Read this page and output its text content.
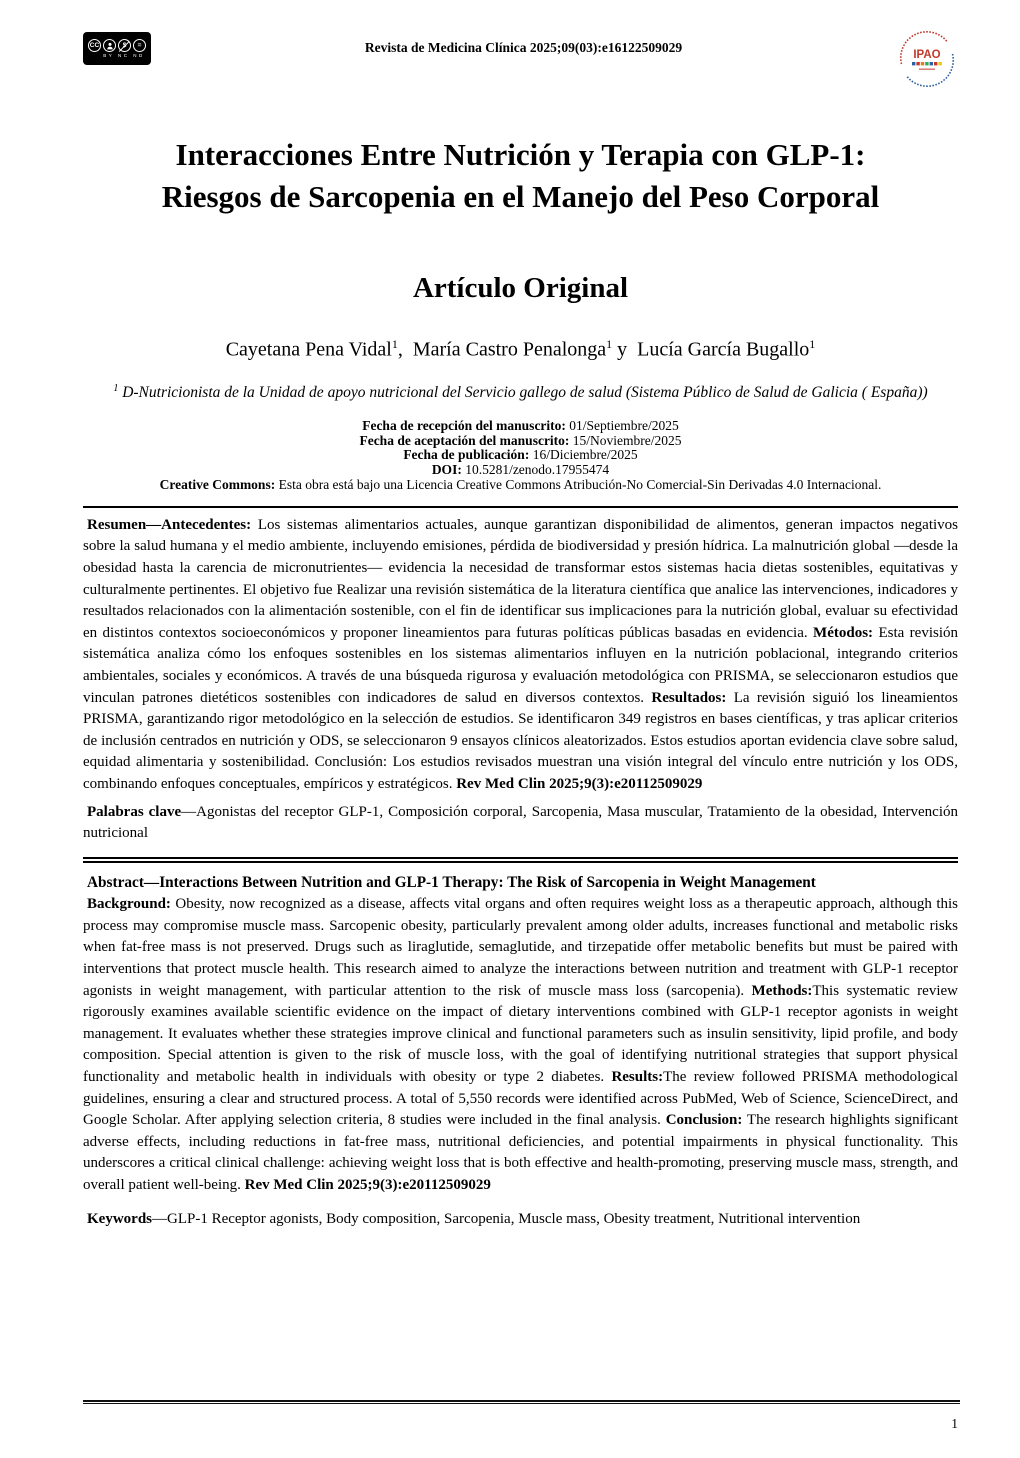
CC	=
BY NC ND
Revista de Medicina Clínica 2025;09(03):e16122509029	IPAO
Interacciones Entre Nutrición y Terapia con GLP-1:
Riesgos de Sarcopenia en el Manejo del Peso Corporal
Artículo Original
Cayetana Pena Vidal$^1$,  María Castro Penalonga$^1$ y  Lucía García Bugallo$^1$
$^1$ D-Nutricionista de la Unidad de apoyo nutricional del Servicio gallego de salud (Sistema Público de Salud de Galicia ( España))
Fecha de recepción del manuscrito: 01/Septiembre/2025
Fecha de aceptación del manuscrito: 15/Noviembre/2025
Fecha de publicación: 16/Diciembre/2025
DOI: 10.5281/zenodo.17955474
Creative Commons: Esta obra está bajo una Licencia Creative Commons Atribución-No Comercial-Sin Derivadas 4.0 Internacional.

Resumen—Antecedentes: Los sistemas alimentarios actuales, aunque garantizan disponibilidad de alimentos, generan impactos negativos sobre la salud humana y el medio ambiente, incluyendo emisiones, pérdida de biodiversidad y presión hídrica. La malnutrición global —desde la obesidad hasta la carencia de micronutrientes— evidencia la necesidad de transformar estos sistemas hacia dietas sostenibles, equitativas y culturalmente pertinentes. El objetivo fue Realizar una revisión sistemática de la literatura científica que analice las intervenciones, indicadores y resultados relacionados con la alimentación sostenible, con el fin de identificar sus implicaciones para la nutrición global, evaluar su efectividad en distintos contextos socioeconómicos y proponer lineamientos para futuras políticas públicas basadas en evidencia. Métodos: Esta revisión sistemática analiza cómo los enfoques sostenibles en los sistemas alimentarios influyen en la nutrición poblacional, integrando criterios ambientales, sociales y económicos. A través de una búsqueda rigurosa y evaluación metodológica con PRISMA, se seleccionaron estudios que vinculan patrones dietéticos sostenibles con indicadores de salud en diversos contextos. Resultados: La revisión siguió los lineamientos PRISMA, garantizando rigor metodológico en la selección de estudios. Se identificaron 349 registros en bases científicas, y tras aplicar criterios de inclusión centrados en nutrición y ODS, se seleccionaron 9 ensayos clínicos aleatorizados. Estos estudios aportan evidencia clave sobre salud, equidad alimentaria y sostenibilidad. Conclusión: Los estudios revisados muestran una visión integral del vínculo entre nutrición y los ODS, combinando enfoques conceptuales, empíricos y estratégicos. Rev Med Clin 2025;9(3):e20112509029

Palabras clave—Agonistas del receptor GLP-1, Composición corporal, Sarcopenia, Masa muscular, Tratamiento de la obesidad, Intervención nutricional

Abstract—Interactions Between Nutrition and GLP-1 Therapy: The Risk of Sarcopenia in Weight Management

Background: Obesity, now recognized as a disease, affects vital organs and often requires weight loss as a therapeutic approach, although this process may compromise muscle mass. Sarcopenic obesity, particularly prevalent among older adults, increases functional and metabolic risks when fat-free mass is not preserved. Drugs such as liraglutide, semaglutide, and tirzepatide offer metabolic benefits but must be paired with interventions that protect muscle health. This research aimed to analyze the interactions between nutrition and treatment with GLP-1 receptor agonists in weight management, with particular attention to the risk of muscle mass loss (sarcopenia). Methods:This systematic review rigorously examines available scientific evidence on the impact of dietary interventions combined with GLP-1 receptor agonists in weight management. It evaluates whether these strategies improve clinical and functional parameters such as insulin sensitivity, lipid profile, and body composition. Special attention is given to the risk of muscle loss, with the goal of identifying nutritional strategies that support physical functionality and metabolic health in individuals with obesity or type 2 diabetes. Results:The review followed PRISMA methodological guidelines, ensuring a clear and structured process. A total of 5,550 records were identified across PubMed, Web of Science, ScienceDirect, and Google Scholar. After applying selection criteria, 8 studies were included in the final analysis. Conclusion: The research highlights significant adverse effects, including reductions in fat-free mass, nutritional deficiencies, and potential impairments in physical functionality. This underscores a critical clinical challenge: achieving weight loss that is both effective and health-promoting, preserving muscle mass, strength, and overall patient well-being. Rev Med Clin 2025;9(3):e20112509029

Keywords—GLP-1 Receptor agonists, Body composition, Sarcopenia, Muscle mass, Obesity treatment, Nutritional intervention

1
